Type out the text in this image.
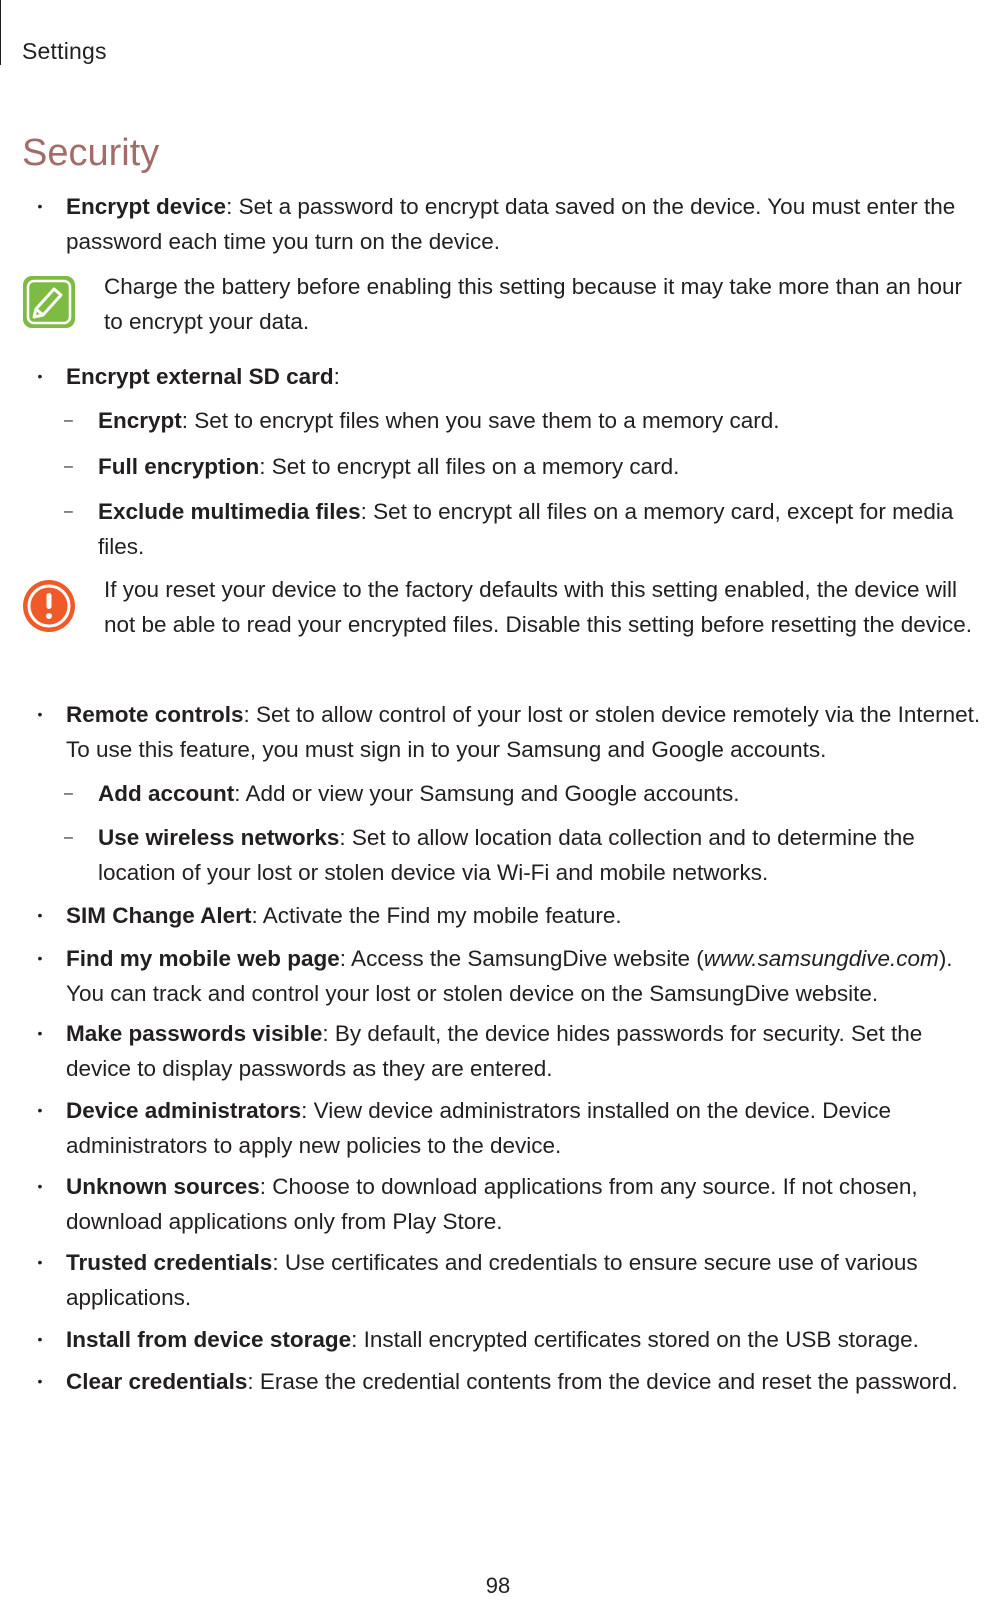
Settings
Security
• Encrypt device: Set a password to encrypt data saved on the device. You must enter the password each time you turn on the device.
Charge the battery before enabling this setting because it may take more than an hour to encrypt your data.
• Encrypt external SD card:
– Encrypt: Set to encrypt files when you save them to a memory card.
– Full encryption: Set to encrypt all files on a memory card.
– Exclude multimedia files: Set to encrypt all files on a memory card, except for media files.
If you reset your device to the factory defaults with this setting enabled, the device will not be able to read your encrypted files. Disable this setting before resetting the device.
• Remote controls: Set to allow control of your lost or stolen device remotely via the Internet. To use this feature, you must sign in to your Samsung and Google accounts.
– Add account: Add or view your Samsung and Google accounts.
– Use wireless networks: Set to allow location data collection and to determine the location of your lost or stolen device via Wi-Fi and mobile networks.
• SIM Change Alert: Activate the Find my mobile feature.
• Find my mobile web page: Access the SamsungDive website (www.samsungdive.com). You can track and control your lost or stolen device on the SamsungDive website.
• Make passwords visible: By default, the device hides passwords for security. Set the device to display passwords as they are entered.
• Device administrators: View device administrators installed on the device. Device administrators to apply new policies to the device.
• Unknown sources: Choose to download applications from any source. If not chosen, download applications only from Play Store.
• Trusted credentials: Use certificates and credentials to ensure secure use of various applications.
• Install from device storage: Install encrypted certificates stored on the USB storage.
• Clear credentials: Erase the credential contents from the device and reset the password.
98
